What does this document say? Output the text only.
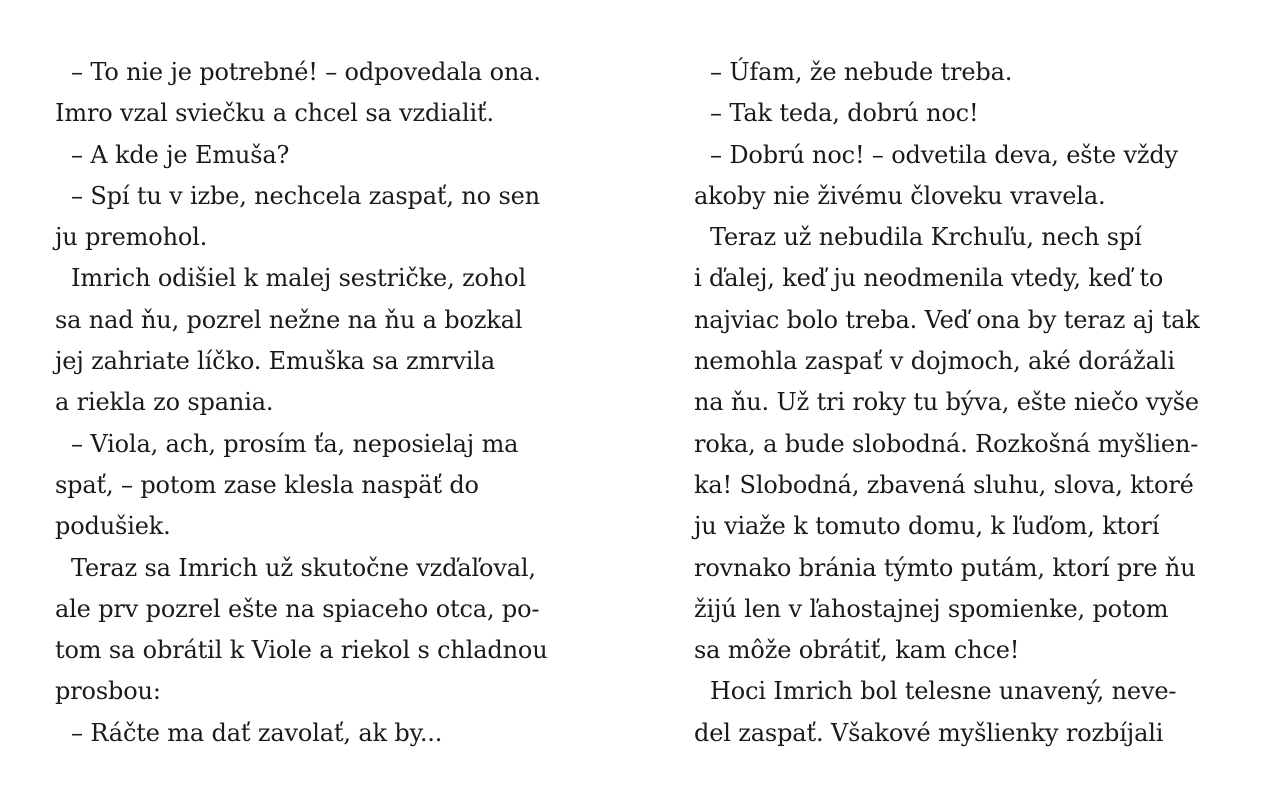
– To nie je potrebné! – odpovedala ona.
Imro vzal sviečku a chcel sa vzdialiť.
– A kde je Emuša?
– Spí tu v izbe, nechcela zaspať, no sen
ju premohol.
Imrich odišiel k malej sestričke, zohol
sa nad ňu, pozrel nežne na ňu a bozkal
jej zahriate líčko. Emuška sa zmrvila
a riekla zo spania.
– Viola, ach, prosím ťa, neposielaj ma
spať, – potom zase klesla naspäť do
podušiek.
Teraz sa Imrich už skutočne vzďaľoval,
ale prv pozrel ešte na spiaceho otca, po-
tom sa obrátil k Viole a riekol s chladnou
prosbou:
– Ráčte ma dať zavolať, ak by...
– Úfam, že nebude treba.
– Tak teda, dobrú noc!
– Dobrú noc! – odvetila deva, ešte vždy
akoby nie živému človeku vravela.
Teraz už nebudila Krchuľu, nech spí
i ďalej, keď ju neodmenila vtedy, keď to
najviac bolo treba. Veď ona by teraz aj tak
nemohla zaspať v dojmoch, aké dorážali
na ňu. Už tri roky tu býva, ešte niečo vyše
roka, a bude slobodná. Rozkošná myšlien-
ka! Slobodná, zbavená sluhu, slova, ktoré
ju viaže k tomuto domu, k ľuďom, ktorí
rovnako bránia týmto putám, ktorí pre ňu
žijú len v ľahostajnej spomienke, potom
sa môže obrátiť, kam chce!
Hoci Imrich bol telesne unavený, neve-
del zaspať. Všakové myšlienky rozbíjali
